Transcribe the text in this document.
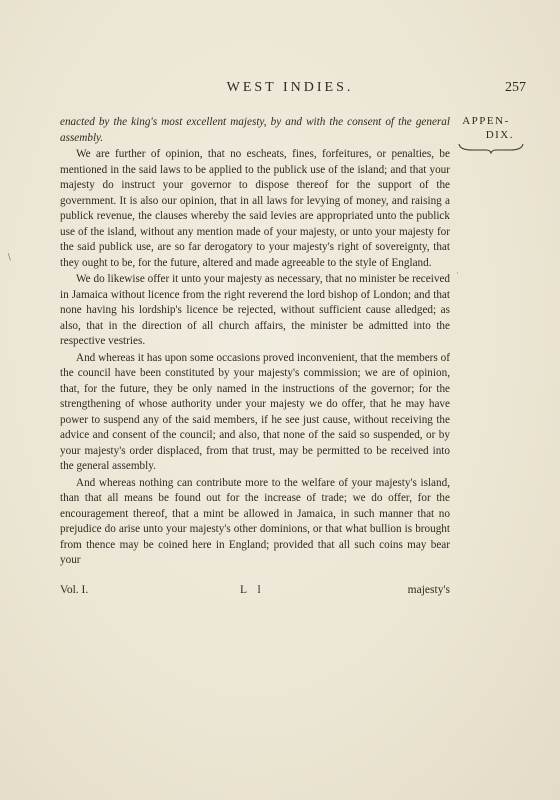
WEST INDIES.	257
APPEN-
DIX.

enacted by the king's most excellent majesty, by and with the consent of the general assembly.

We are further of opinion, that no escheats, fines, forfeitures, or penalties, be mentioned in the said laws to be applied to the publick use of the island; and that your majesty do instruct your governor to dispose thereof for the support of the government. It is also our opinion, that in all laws for levying of money, and raising a publick revenue, the clauses whereby the said levies are appropriated unto the publick use of the island, without any mention made of your majesty, or unto your majesty for the said publick use, are so far derogatory to your majesty's right of sovereignty, that they ought to be, for the future, altered and made agreeable to the style of England.

We do likewise offer it unto your majesty as necessary, that no minister be received in Jamaica without licence from the right reverend the lord bishop of London; and that none having his lordship's licence be rejected, without sufficient cause alledged; as also, that in the direction of all church affairs, the minister be admitted into the respective vestries.

And whereas it has upon some occasions proved inconvenient, that the members of the council have been constituted by your majesty's commission; we are of opinion, that, for the future, they be only named in the instructions of the governor; for the strengthening of whose authority under your majesty we do offer, that he may have power to suspend any of the said members, if he see just cause, without receiving the advice and consent of the council; and also, that none of the said so suspended, or by your majesty's order displaced, from that trust, may be permitted to be received into the general assembly.

And whereas nothing can contribute more to the welfare of your majesty's island, than that all means be found out for the increase of trade; we do offer, for the encouragement thereof, that a mint be allowed in Jamaica, in such manner that no prejudice do arise unto your majesty's other dominions, or that what bullion is brought from thence may be coined here in England; provided that all such coins may bear your

Vol. I.	L l	majesty's
∖
·
